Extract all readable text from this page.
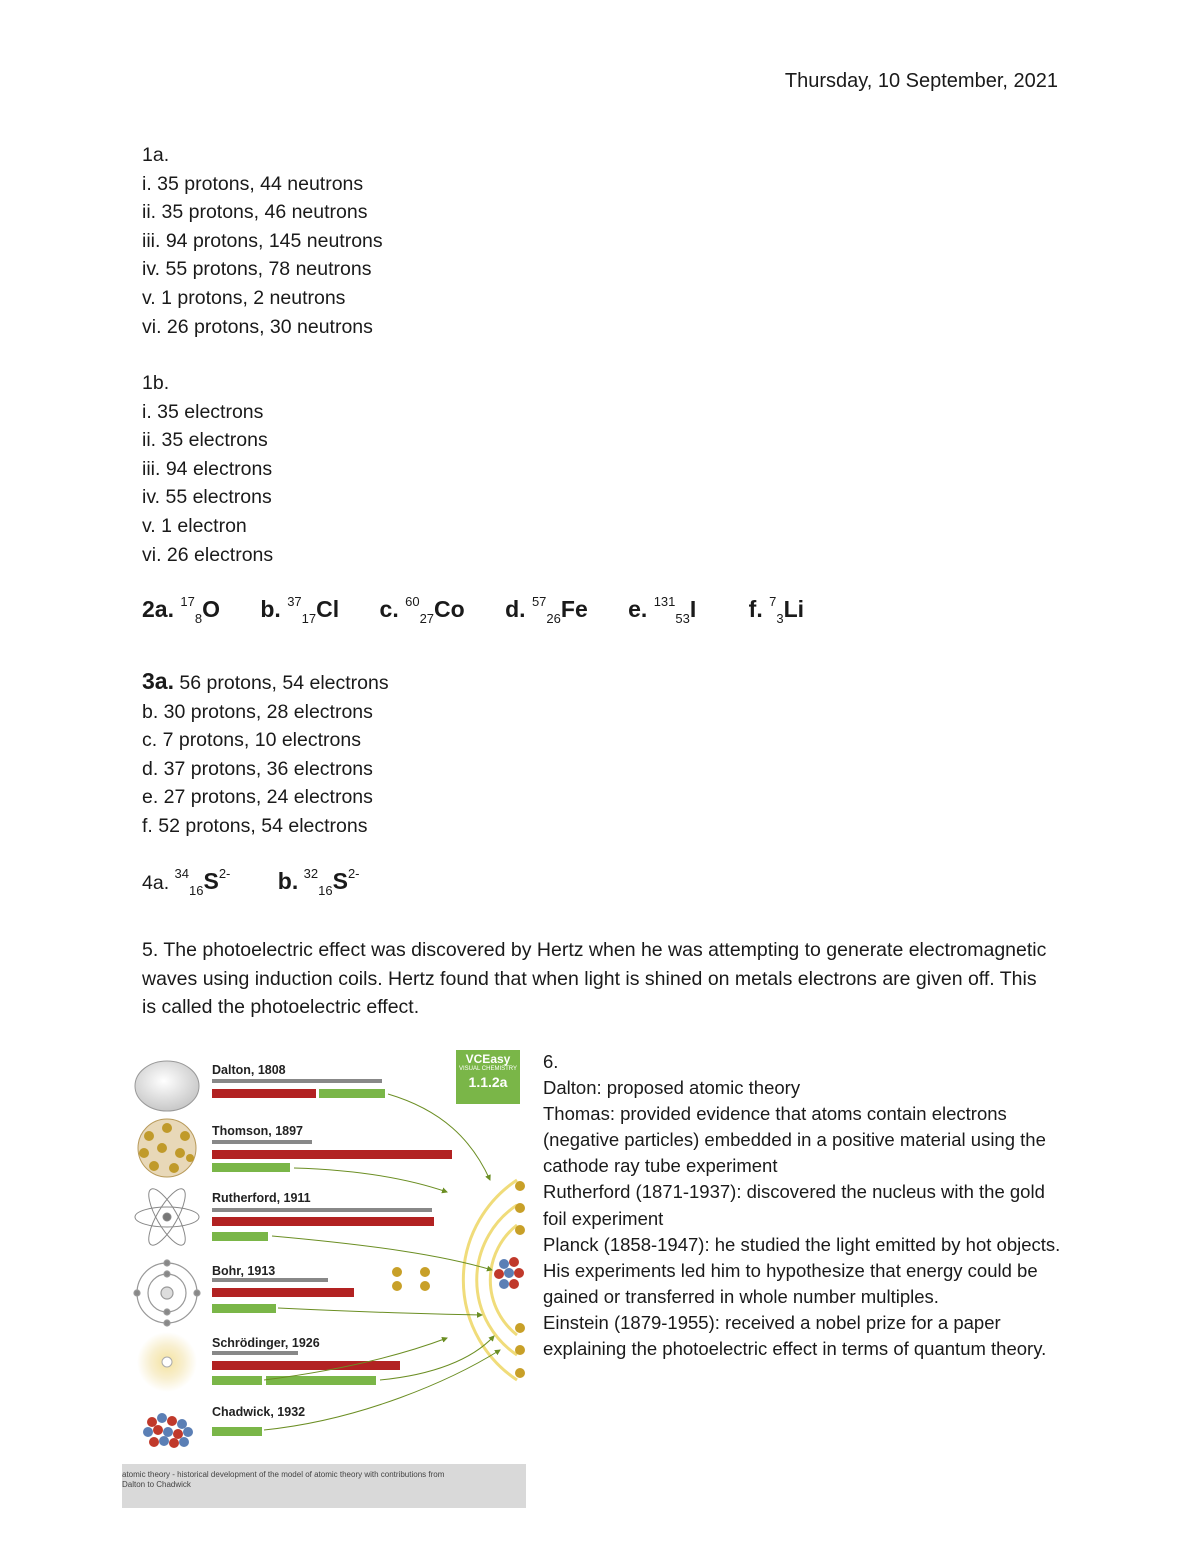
Thursday, 10 September, 2021
1a.
i. 35 protons, 44 neutrons
ii. 35 protons, 46 neutrons
iii. 94 protons, 145 neutrons
iv. 55 protons, 78 neutrons
v. 1 protons, 2 neutrons
vi. 26 protons, 30 neutrons
1b.
i. 35 electrons
ii. 35 electrons
iii. 94 electrons
iv. 55 electrons
v. 1 electron
vi. 26 electrons
2a. $^{17}_8$O b. $^{37}_{17}$Cl c. $^{60}_{27}$Co d. $^{57}_{26}$Fe e. $^{131}_{53}$I f. $^7_3$Li
3a. 56 protons, 54 electrons
b. 30 protons, 28 electrons
c. 7 protons, 10 electrons
d. 37 protons, 36 electrons
e. 27 protons, 24 electrons
f. 52 protons, 54 electrons
4a. $^{34}_{16}S^{2-}$ b. $^{32}_{16}S^{2-}$
5. The photoelectric effect was discovered by Hertz when he was attempting to generate electromagnetic waves using induction coils. Hertz found that when light is shined on metals electrons are given off. This is called the photoelectric effect.
Dalton, 1808
Thomson, 1897
Rutherford, 1911
Bohr, 1913
Schrödinger, 1926
Chadwick, 1932
VCEasy
VISUAL CHEMISTRY
1.1.2a
atomic theory - historical development of the model of atomic theory with contributions from Dalton to Chadwick
6.
Dalton: proposed atomic theory
Thomas: provided evidence that atoms contain electrons (negative particles) embedded in a positive material using the cathode ray tube experiment
Rutherford (1871-1937): discovered the nucleus with the gold foil experiment
Planck (1858-1947): he studied the light emitted by hot objects. His experiments led him to hypothesize that energy could be gained or transferred in whole number multiples.
Einstein (1879-1955): received a nobel prize for a paper explaining the photoelectric effect in terms of quantum theory.
